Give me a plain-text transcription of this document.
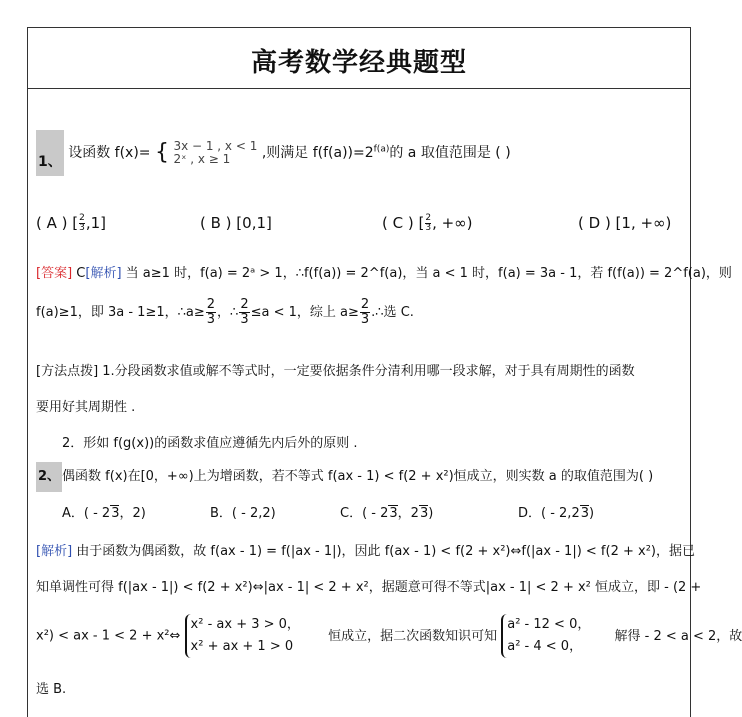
高考数学经典题型
1、 设函数 f(x)= { 3x − 1 , x < 1
2ˣ , x ≥ 1 ,则满足 $f(f(a))=2^{f(a)}$的 a 取值范围是 ( )
( A ) [ $\frac{2}{3},1$]	( B ) [0,1]	( C ) [ $\frac{2}{3}$, +∞)	( D ) [1, +∞)
[答案] C[解析] 当 a≥1 时，f(a) = 2ᵃ > 1，∴f(f(a)) = 2^f(a)，当 a < 1 时，f(a) = 3a - 1，若 f(f(a)) = 2^f(a)，则
f(a)≥1，即 3a - 1≥1，∴a≥ $\frac{2}{3}$ ，∴ $\frac{2}{3} \le a < 1$，综上 $a\ge \frac{2}{3}$ .∴选 C.
[方法点拨] 1.分段函数求值或解不等式时，一定要依据条件分清利用哪一段求解，对于具有周期性的函数
要用好其周期性 .
2．形如 f(g(x))的函数求值应遵循先内后外的原则 .
2、 偶函数 f(x)在[0，+∞)上为增函数，若不等式 f(ax - 1) < f(2 + x²)恒成立，则实数 a 的取值范围为( )
A．( - 23，2)	B．( - 2,2)	C．( - 23，23)	D．( - 2,23)
[解析] 由于函数为偶函数，故 f(ax - 1) = f(|ax - 1|)，因此 f(ax - 1) < f(2 + x²)⇔f(|ax - 1|) < f(2 + x²)，据已
知单调性可得 f(|ax - 1|) < f(2 + x²)⇔|ax - 1| < 2 + x²，据题意可得不等式|ax - 1| < 2 + x² 恒成立，即 - (2 +
x²) < ax - 1 < 2 + x²⇔ x² - ax + 3 > 0，
x² + ax + 1 > 0 恒成立，据二次函数知识可知 a² - 12 < 0，
a² - 4 < 0， 解得 - 2 < a < 2，故
选 B.
